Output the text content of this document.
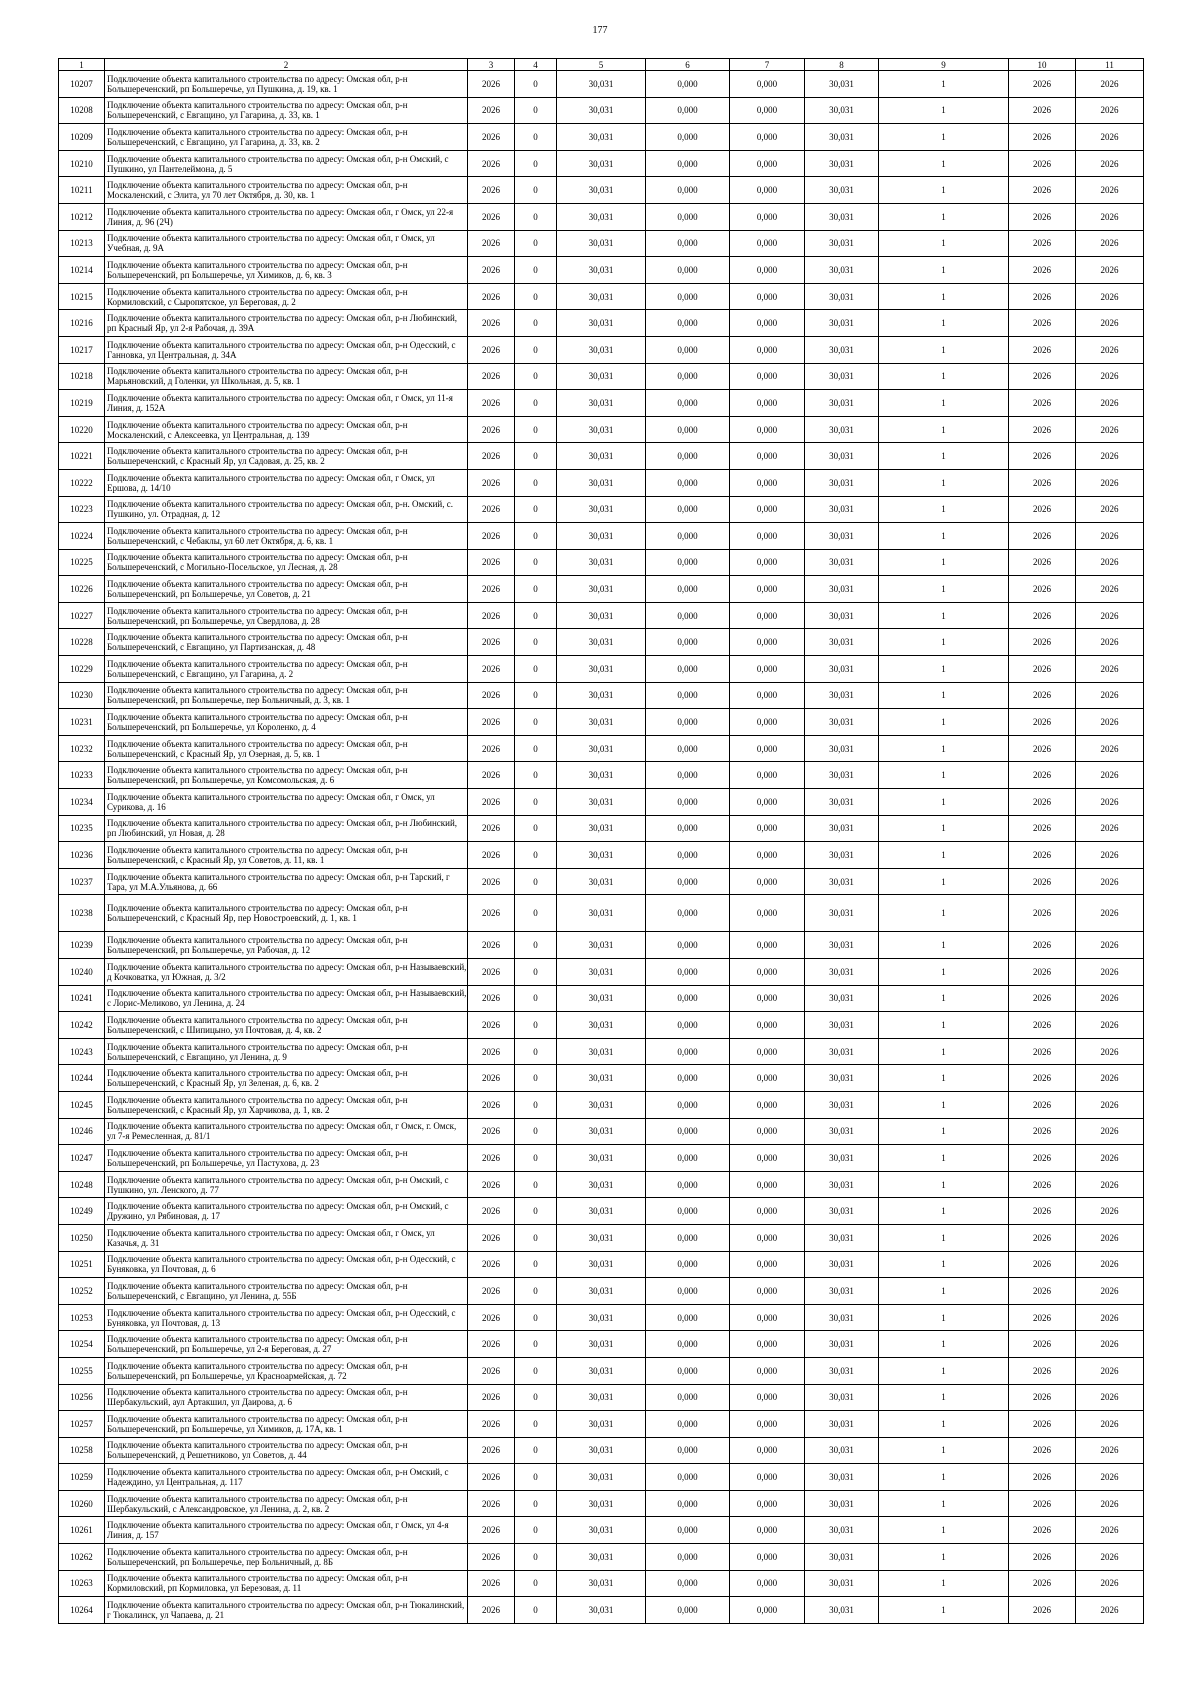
177
1	2	3	4	5	6	7	8	9	10	11
10207	Подключение объекта капитального строительства по адресу: Омская обл, р-н Большереченский, рп Большеречье, ул Пушкина, д. 19, кв. 1	2026	0	30,031	0,000	0,000	30,031	1	2026	2026
10208	Подключение объекта капитального строительства по адресу: Омская обл, р-н Большереченский, с Евгащино, ул Гагарина, д. 33, кв. 1	2026	0	30,031	0,000	0,000	30,031	1	2026	2026
10209	Подключение объекта капитального строительства по адресу: Омская обл, р-н Большереченский, с Евгащино, ул Гагарина, д. 33, кв. 2	2026	0	30,031	0,000	0,000	30,031	1	2026	2026
10210	Подключение объекта капитального строительства по адресу: Омская обл, р-н Омский, с Пушкино, ул Пантелеймона, д. 5	2026	0	30,031	0,000	0,000	30,031	1	2026	2026
10211	Подключение объекта капитального строительства по адресу: Омская обл, р-н Москаленский, с Элита, ул 70 лет Октября, д. 30, кв. 1	2026	0	30,031	0,000	0,000	30,031	1	2026	2026
10212	Подключение объекта капитального строительства по адресу: Омская обл, г Омск, ул 22-я Линия, д. 96 (2Ч)	2026	0	30,031	0,000	0,000	30,031	1	2026	2026
10213	Подключение объекта капитального строительства по адресу: Омская обл, г Омск, ул Учебная, д. 9А	2026	0	30,031	0,000	0,000	30,031	1	2026	2026
10214	Подключение объекта капитального строительства по адресу: Омская обл, р-н Большереченский, рп Большеречье, ул Химиков, д. 6, кв. 3	2026	0	30,031	0,000	0,000	30,031	1	2026	2026
10215	Подключение объекта капитального строительства по адресу: Омская обл, р-н Кормиловский, с Сыропятское, ул Береговая, д. 2	2026	0	30,031	0,000	0,000	30,031	1	2026	2026
10216	Подключение объекта капитального строительства по адресу: Омская обл, р-н Любинский, рп Красный Яр, ул 2-я Рабочая, д. 39А	2026	0	30,031	0,000	0,000	30,031	1	2026	2026
10217	Подключение объекта капитального строительства по адресу: Омская обл, р-н Одесский, с Ганновка, ул Центральная, д. 34А	2026	0	30,031	0,000	0,000	30,031	1	2026	2026
10218	Подключение объекта капитального строительства по адресу: Омская обл, р-н Марьяновский, д Голенки, ул Школьная, д. 5, кв. 1	2026	0	30,031	0,000	0,000	30,031	1	2026	2026
10219	Подключение объекта капитального строительства по адресу: Омская обл, г Омск, ул 11-я Линия, д. 152А	2026	0	30,031	0,000	0,000	30,031	1	2026	2026
10220	Подключение объекта капитального строительства по адресу: Омская обл, р-н Москаленский, с Алексеевка, ул Центральная, д. 139	2026	0	30,031	0,000	0,000	30,031	1	2026	2026
10221	Подключение объекта капитального строительства по адресу: Омская обл, р-н Большереченский, с Красный Яр, ул Садовая, д. 25, кв. 2	2026	0	30,031	0,000	0,000	30,031	1	2026	2026
10222	Подключение объекта капитального строительства по адресу: Омская обл, г Омск, ул Ершова, д. 14/10	2026	0	30,031	0,000	0,000	30,031	1	2026	2026
10223	Подключение объекта капитального строительства по адресу: Омская обл, р-н. Омский, с. Пушкино, ул. Отрадная, д. 12	2026	0	30,031	0,000	0,000	30,031	1	2026	2026
10224	Подключение объекта капитального строительства по адресу: Омская обл, р-н Большереченский, с Чебаклы, ул 60 лет Октября, д. 6, кв. 1	2026	0	30,031	0,000	0,000	30,031	1	2026	2026
10225	Подключение объекта капитального строительства по адресу: Омская обл, р-н Большереченский, с Могильно-Посельское, ул Лесная, д. 28	2026	0	30,031	0,000	0,000	30,031	1	2026	2026
10226	Подключение объекта капитального строительства по адресу: Омская обл, р-н Большереченский, рп Большеречье, ул Советов, д. 21	2026	0	30,031	0,000	0,000	30,031	1	2026	2026
10227	Подключение объекта капитального строительства по адресу: Омская обл, р-н Большереченский, рп Большеречье, ул Свердлова, д. 28	2026	0	30,031	0,000	0,000	30,031	1	2026	2026
10228	Подключение объекта капитального строительства по адресу: Омская обл, р-н Большереченский, с Евгащино, ул Партизанская, д. 48	2026	0	30,031	0,000	0,000	30,031	1	2026	2026
10229	Подключение объекта капитального строительства по адресу: Омская обл, р-н Большереченский, с Евгащино, ул Гагарина, д. 2	2026	0	30,031	0,000	0,000	30,031	1	2026	2026
10230	Подключение объекта капитального строительства по адресу: Омская обл, р-н Большереченский, рп Большеречье, пер Больничный, д. 3, кв. 1	2026	0	30,031	0,000	0,000	30,031	1	2026	2026
10231	Подключение объекта капитального строительства по адресу: Омская обл, р-н Большереченский, рп Большеречье, ул Короленко, д. 4	2026	0	30,031	0,000	0,000	30,031	1	2026	2026
10232	Подключение объекта капитального строительства по адресу: Омская обл, р-н Большереченский, с Красный Яр, ул Озерная, д. 5, кв. 1	2026	0	30,031	0,000	0,000	30,031	1	2026	2026
10233	Подключение объекта капитального строительства по адресу: Омская обл, р-н Большереченский, рп Большеречье, ул Комсомольская, д. 6	2026	0	30,031	0,000	0,000	30,031	1	2026	2026
10234	Подключение объекта капитального строительства по адресу: Омская обл, г Омск, ул Сурикова, д. 16	2026	0	30,031	0,000	0,000	30,031	1	2026	2026
10235	Подключение объекта капитального строительства по адресу: Омская обл, р-н Любинский, рп Любинский, ул Новая, д. 28	2026	0	30,031	0,000	0,000	30,031	1	2026	2026
10236	Подключение объекта капитального строительства по адресу: Омская обл, р-н Большереченский, с Красный Яр, ул Советов, д. 11, кв. 1	2026	0	30,031	0,000	0,000	30,031	1	2026	2026
10237	Подключение объекта капитального строительства по адресу: Омская обл, р-н Тарский, г Тара, ул М.А.Ульянова, д. 66	2026	0	30,031	0,000	0,000	30,031	1	2026	2026
10238	Подключение объекта капитального строительства по адресу: Омская обл, р-н Большереченский, с Красный Яр, пер Новостроевский, д. 1, кв. 1	2026	0	30,031	0,000	0,000	30,031	1	2026	2026
10239	Подключение объекта капитального строительства по адресу: Омская обл, р-н Большереченский, рп Большеречье, ул Рабочая, д. 12	2026	0	30,031	0,000	0,000	30,031	1	2026	2026
10240	Подключение объекта капитального строительства по адресу: Омская обл, р-н Называевский, д Кочковатка, ул Южная, д. 3/2	2026	0	30,031	0,000	0,000	30,031	1	2026	2026
10241	Подключение объекта капитального строительства по адресу: Омская обл, р-н Называевский, с Лорис-Меликово, ул Ленина, д. 24	2026	0	30,031	0,000	0,000	30,031	1	2026	2026
10242	Подключение объекта капитального строительства по адресу: Омская обл, р-н Большереченский, с Шипицыно, ул Почтовая, д. 4, кв. 2	2026	0	30,031	0,000	0,000	30,031	1	2026	2026
10243	Подключение объекта капитального строительства по адресу: Омская обл, р-н Большереченский, с Евгащино, ул Ленина, д. 9	2026	0	30,031	0,000	0,000	30,031	1	2026	2026
10244	Подключение объекта капитального строительства по адресу: Омская обл, р-н Большереченский, с Красный Яр, ул Зеленая, д. 6, кв. 2	2026	0	30,031	0,000	0,000	30,031	1	2026	2026
10245	Подключение объекта капитального строительства по адресу: Омская обл, р-н Большереченский, с Красный Яр, ул Харчикова, д. 1, кв. 2	2026	0	30,031	0,000	0,000	30,031	1	2026	2026
10246	Подключение объекта капитального строительства по адресу: Омская обл, г Омск, г. Омск, ул 7-я Ремесленная, д. 81/1	2026	0	30,031	0,000	0,000	30,031	1	2026	2026
10247	Подключение объекта капитального строительства по адресу: Омская обл, р-н Большереченский, рп Большеречье, ул Пастухова, д. 23	2026	0	30,031	0,000	0,000	30,031	1	2026	2026
10248	Подключение объекта капитального строительства по адресу: Омская обл, р-н Омский, с Пушкино, ул. Ленского, д. 77	2026	0	30,031	0,000	0,000	30,031	1	2026	2026
10249	Подключение объекта капитального строительства по адресу: Омская обл, р-н Омский, с Дружино, ул Рябиновая, д. 17	2026	0	30,031	0,000	0,000	30,031	1	2026	2026
10250	Подключение объекта капитального строительства по адресу: Омская обл, г Омск, ул Казачья, д. 31	2026	0	30,031	0,000	0,000	30,031	1	2026	2026
10251	Подключение объекта капитального строительства по адресу: Омская обл, р-н Одесский, с Буняковка, ул Почтовая, д. 6	2026	0	30,031	0,000	0,000	30,031	1	2026	2026
10252	Подключение объекта капитального строительства по адресу: Омская обл, р-н Большереченский, с Евгащино, ул Ленина, д. 55Б	2026	0	30,031	0,000	0,000	30,031	1	2026	2026
10253	Подключение объекта капитального строительства по адресу: Омская обл, р-н Одесский, с Буняковка, ул Почтовая, д. 13	2026	0	30,031	0,000	0,000	30,031	1	2026	2026
10254	Подключение объекта капитального строительства по адресу: Омская обл, р-н Большереченский, рп Большеречье, ул 2-я Береговая, д. 27	2026	0	30,031	0,000	0,000	30,031	1	2026	2026
10255	Подключение объекта капитального строительства по адресу: Омская обл, р-н Большереченский, рп Большеречье, ул Красноармейская, д. 72	2026	0	30,031	0,000	0,000	30,031	1	2026	2026
10256	Подключение объекта капитального строительства по адресу: Омская обл, р-н Шербакульский, аул Артакшил, ул Даирова, д. 6	2026	0	30,031	0,000	0,000	30,031	1	2026	2026
10257	Подключение объекта капитального строительства по адресу: Омская обл, р-н Большереченский, рп Большеречье, ул Химиков, д. 17А, кв. 1	2026	0	30,031	0,000	0,000	30,031	1	2026	2026
10258	Подключение объекта капитального строительства по адресу: Омская обл, р-н Большереченский, д Решетниково, ул Советов, д. 44	2026	0	30,031	0,000	0,000	30,031	1	2026	2026
10259	Подключение объекта капитального строительства по адресу: Омская обл, р-н Омский, с Надеждино, ул Центральная, д. 117	2026	0	30,031	0,000	0,000	30,031	1	2026	2026
10260	Подключение объекта капитального строительства по адресу: Омская обл, р-н Шербакульский, с Александровское, ул Ленина, д. 2, кв. 2	2026	0	30,031	0,000	0,000	30,031	1	2026	2026
10261	Подключение объекта капитального строительства по адресу: Омская обл, г Омск, ул 4-я Линия, д. 157	2026	0	30,031	0,000	0,000	30,031	1	2026	2026
10262	Подключение объекта капитального строительства по адресу: Омская обл, р-н Большереченский, рп Большеречье, пер Больничный, д. 8Б	2026	0	30,031	0,000	0,000	30,031	1	2026	2026
10263	Подключение объекта капитального строительства по адресу: Омская обл, р-н Кормиловский, рп Кормиловка, ул Березовая, д. 11	2026	0	30,031	0,000	0,000	30,031	1	2026	2026
10264	Подключение объекта капитального строительства по адресу: Омская обл, р-н Тюкалинский, г Тюкалинск, ул Чапаева, д. 21	2026	0	30,031	0,000	0,000	30,031	1	2026	2026
